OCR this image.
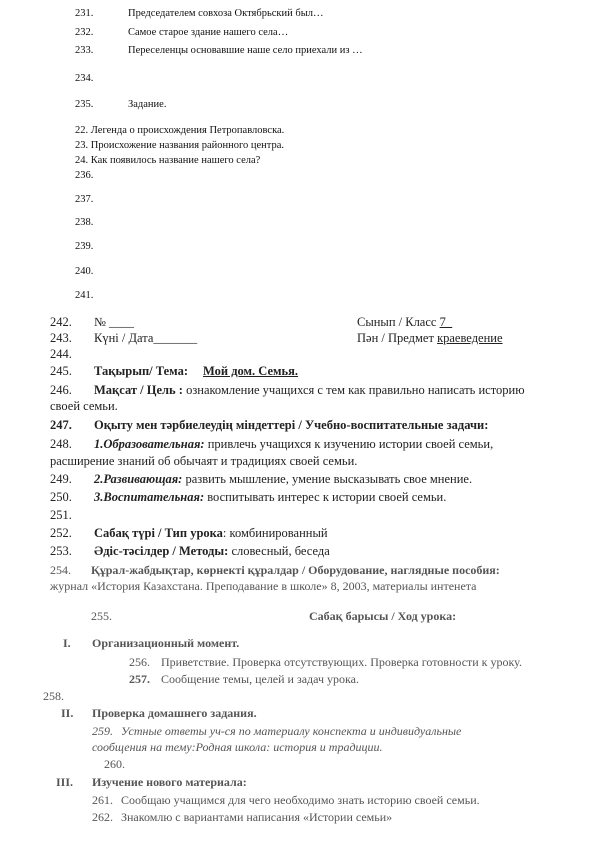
231.	Председателем совхоза Октябрьский был…
232.	Самое старое здание нашего села…
233.	Переселенцы основавшие наше село приехали из …
234.
235.	Задание.
22. Легенда о происхождения Петропавловска.
23. Происхожение названия районного центра.
24. Как появилось название нашего села?
236.
237.
238.
239.
240.
241.
242. № ____	Сынып / Класс 7_
243. Күні / Дата_______	Пән / Предмет краеведение
244.
245. Тақырып/ Тема: Мой дом. Семья.
246. Мақсат / Цель : ознакомление учащихся с тем как правильно написать историю
своей семьи.
247. Оқыту мен тәрбиелеудің міндеттері / Учебно-воспитательные задачи:
248. 1.Образовательная: привлечь учащихся к изучению истории своей семьи,
расширение знаний об обычаят и традициях своей семьи.
249. 2.Развивающая: развить мышление, умение высказывать свое мнение.
250. 3.Воспитательная: воспитывать интерес к истории своей семьи.
251.
252. Сабақ түрі / Тип урока: комбинированный
253. Әдіс-тәсілдер / Методы: словесный, беседа
254. Құрал-жабдықтар, көрнекті құралдар / Оборудование, наглядные пособия:
журнал «История Казахстана. Преподавание в школе» 8, 2003, материалы интенета
255.	Сабақ барысы / Ход урока:
I. Организационный момент.
256. Приветствие. Проверка отсутствующих. Проверка готовности к уроку.
257. Сообщение темы, целей и задач урока.
258.
II. Проверка домашнего задания.
259. Устные ответы уч-ся по материалу конспекта и индивидуальные
сообщения на тему:Родная школа: история и традиции.
260.
III. Изучение нового материала:
261. Сообщаю учащимся для чего необходимо знать историю своей семьи.
262. Знакомлю с вариантами написания «Истории семьи»
